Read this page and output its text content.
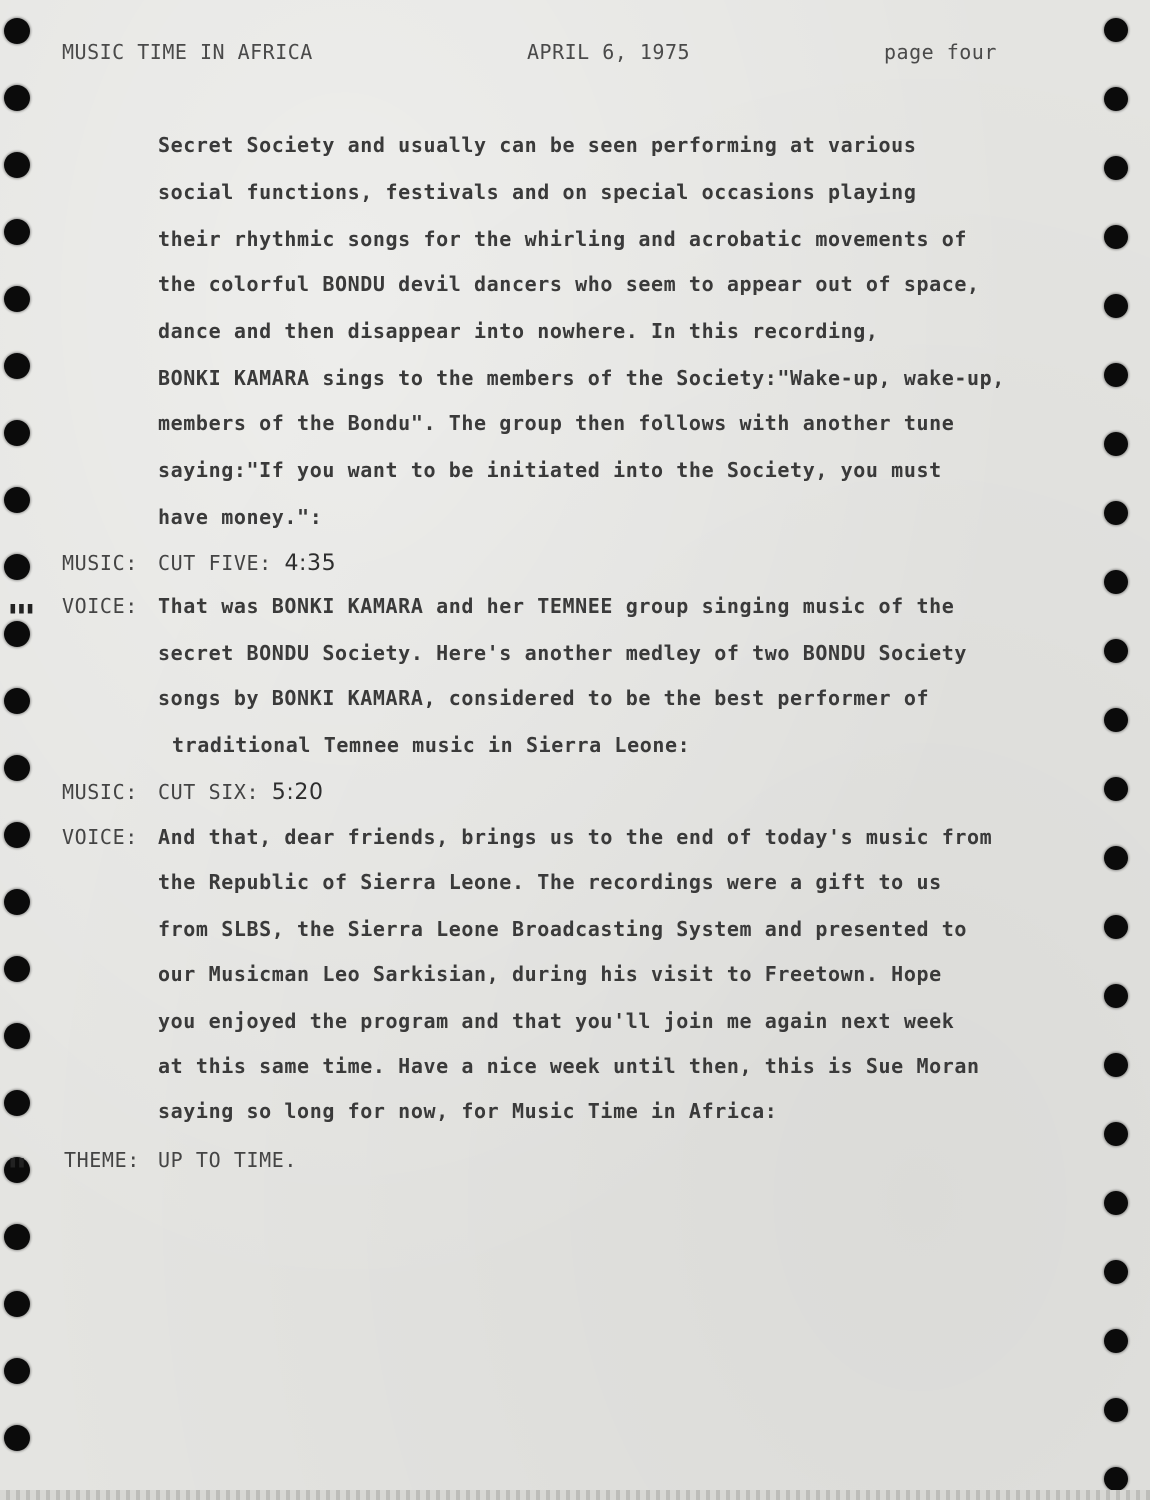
MUSIC TIME IN AFRICA	APRIL 6, 1975	page four
Secret Society and usually can be seen performing at various
social functions, festivals and on special occasions playing
their rhythmic songs for the whirling and acrobatic movements of
the colorful BONDU devil dancers who seem to appear out of space,
dance and then disappear into nowhere. In this recording,
BONKI KAMARA sings to the members of the Society:"Wake-up, wake-up,
members of the Bondu". The group then follows with another tune
saying:"If you want to be initiated into the Society, you must
have money.":
MUSIC: CUT FIVE: 4:35
▮▮▮ VOICE: That was BONKI KAMARA and her TEMNEE group singing music of the
secret BONDU Society. Here's another medley of two BONDU Society
songs by BONKI KAMARA, considered to be the best performer of
traditional Temnee music in Sierra Leone:
MUSIC: CUT SIX: 5:20
VOICE: And that, dear friends, brings us to the end of today's music from
the Republic of Sierra Leone. The recordings were a gift to us
from SLBS, the Sierra Leone Broadcasting System and presented to
our Musicman Leo Sarkisian, during his visit to Freetown. Hope
you enjoyed the program and that you'll join me again next week
at this same time. Have a nice week until then, this is Sue Moran
saying so long for now, for Music Time in Africa:
▮▮ THEME: UP TO TIME.
